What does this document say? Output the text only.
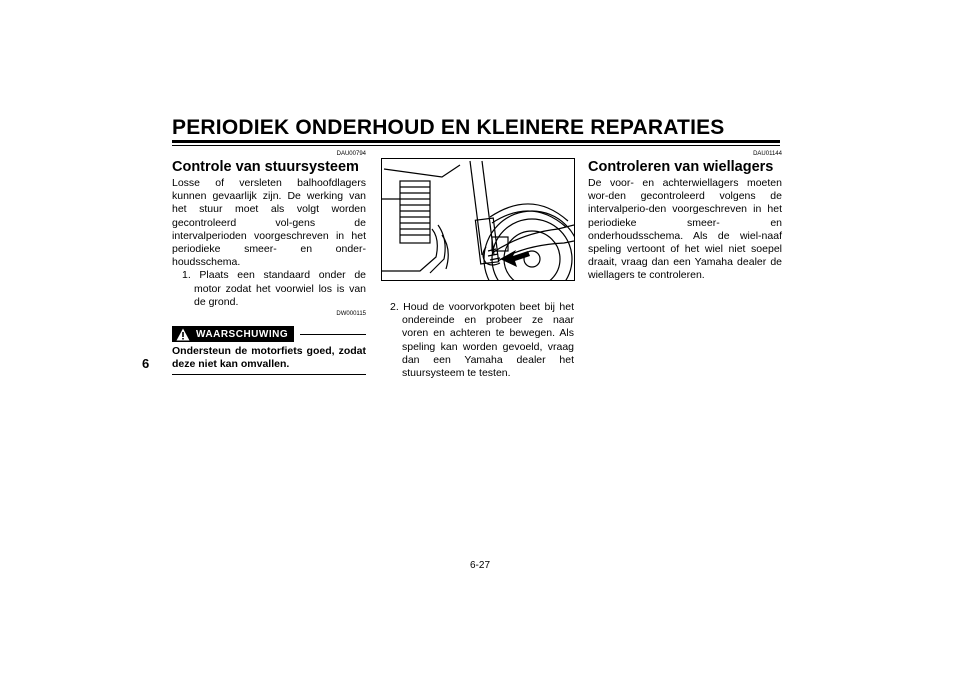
PERIODIEK ONDERHOUD EN KLEINERE REPARATIES
6
DAU00794
Controle van stuursysteem
Losse of versleten balhoofdlagers kunnen gevaarlijk zijn. De werking van het stuur moet als volgt worden gecontroleerd vol-gens de intervalperioden voorgeschreven in het periodieke smeer- en onder-houdsschema.
1. Plaats een standaard onder de motor zodat het voorwiel los is van de grond.
DW000115
WAARSCHUWING
Ondersteun de motorfiets goed, zodat deze niet kan omvallen.
2. Houd de voorvorkpoten beet bij het ondereinde en probeer ze naar voren en achteren te bewegen. Als speling kan worden gevoeld, vraag dan een Yamaha dealer het stuursysteem te testen.
DAU01144
Controleren van wiellagers
De voor- en achterwiellagers moeten wor-den gecontroleerd volgens de intervalperio-den voorgeschreven in het periodieke smeer- en onderhoudsschema. Als de wiel-naaf speling vertoont of het wiel niet soepel draait, vraag dan een Yamaha dealer de wiellagers te controleren.
6-27
